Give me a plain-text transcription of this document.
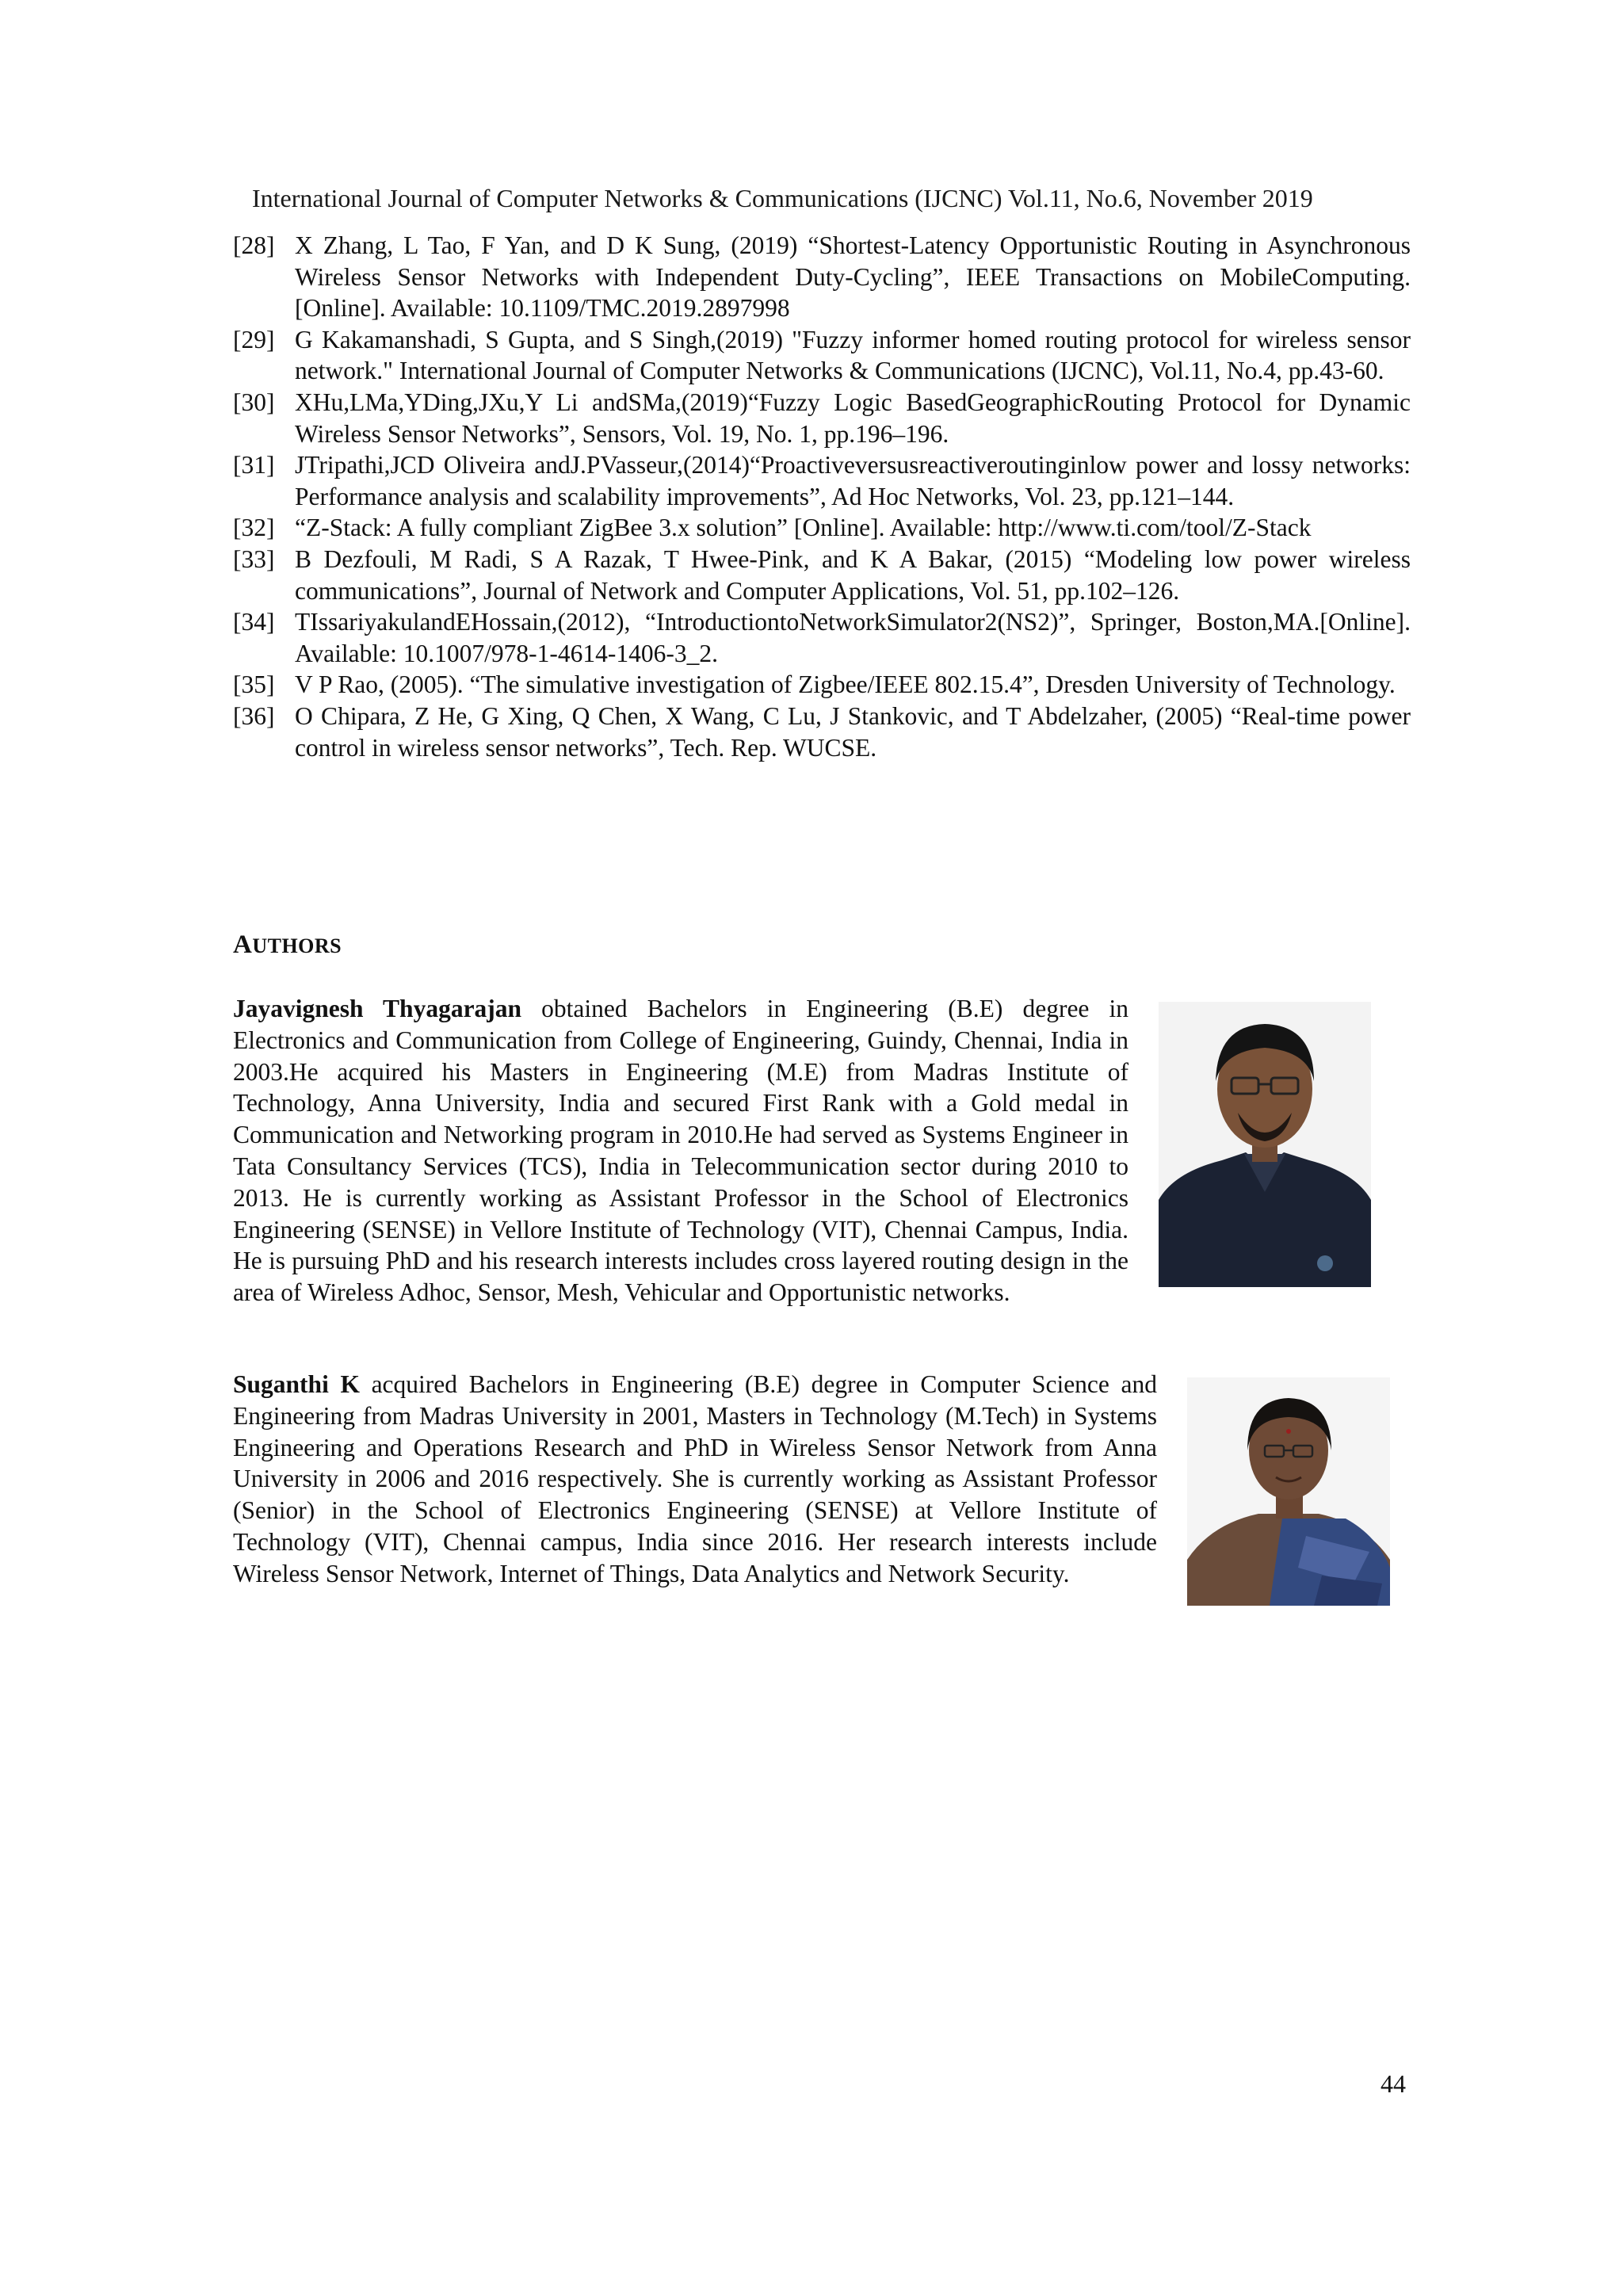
International Journal of Computer Networks & Communications (IJCNC) Vol.11, No.6, November 2019
[28] X Zhang, L Tao, F Yan, and D K Sung, (2019) “Shortest-Latency Opportunistic Routing in Asynchronous Wireless Sensor Networks with Independent Duty-Cycling”, IEEE Transactions on MobileComputing. [Online]. Available: 10.1109/TMC.2019.2897998
[29] G Kakamanshadi, S Gupta, and S Singh,(2019) "Fuzzy informer homed routing protocol for wireless sensor network." International Journal of Computer Networks & Communications (IJCNC), Vol.11, No.4, pp.43-60.
[30] XHu,LMa,YDing,JXu,Y Li andSMa,(2019)“Fuzzy Logic BasedGeographicRouting Protocol for Dynamic Wireless Sensor Networks”, Sensors, Vol. 19, No. 1, pp.196–196.
[31] JTripathi,JCD Oliveira andJ.PVasseur,(2014)“Proactiveversusreactiveroutinginlow power and lossy networks: Performance analysis and scalability improvements”, Ad Hoc Networks, Vol. 23, pp.121–144.
[32] “Z-Stack: A fully compliant ZigBee 3.x solution” [Online]. Available: http://www.ti.com/tool/Z-Stack
[33] B Dezfouli, M Radi, S A Razak, T Hwee-Pink, and K A Bakar, (2015) “Modeling low power wireless communications”, Journal of Network and Computer Applications, Vol. 51, pp.102–126.
[34] TIssariyakulandEHossain,(2012), “IntroductiontoNetworkSimulator2(NS2)”, Springer, Boston,MA.[Online]. Available: 10.1007/978-1-4614-1406-3_2.
[35] V P Rao, (2005). “The simulative investigation of Zigbee/IEEE 802.15.4”, Dresden University of Technology.
[36] O Chipara, Z He, G Xing, Q Chen, X Wang, C Lu, J Stankovic, and T Abdelzaher, (2005) “Real-time power control in wireless sensor networks”, Tech. Rep. WUCSE.
AUTHORS

Jayavignesh Thyagarajan obtained Bachelors in Engineering (B.E) degree in Electronics and Communication from College of Engineering, Guindy, Chennai, India in 2003.He acquired his Masters in Engineering (M.E) from Madras Institute of Technology, Anna University, India and secured First Rank with a Gold medal in Communication and Networking program in 2010.He had served as Systems Engineer in Tata Consultancy Services (TCS), India in Telecommunication sector during 2010 to 2013. He is currently working as Assistant Professor in the School of Electronics Engineering (SENSE) in Vellore Institute of Technology (VIT), Chennai Campus, India. He is pursuing PhD and his research interests includes cross layered routing design in the area of Wireless Adhoc, Sensor, Mesh, Vehicular and Opportunistic networks.

Suganthi K acquired Bachelors in Engineering (B.E) degree in Computer Science and Engineering from Madras University in 2001, Masters in Technology (M.Tech) in Systems Engineering and Operations Research and PhD in Wireless Sensor Network from Anna University in 2006 and 2016 respectively. She is currently working as Assistant Professor (Senior) in the School of Electronics Engineering (SENSE) at Vellore Institute of Technology (VIT), Chennai campus, India since 2016. Her research interests include Wireless Sensor Network, Internet of Things, Data Analytics and Network Security.

44
